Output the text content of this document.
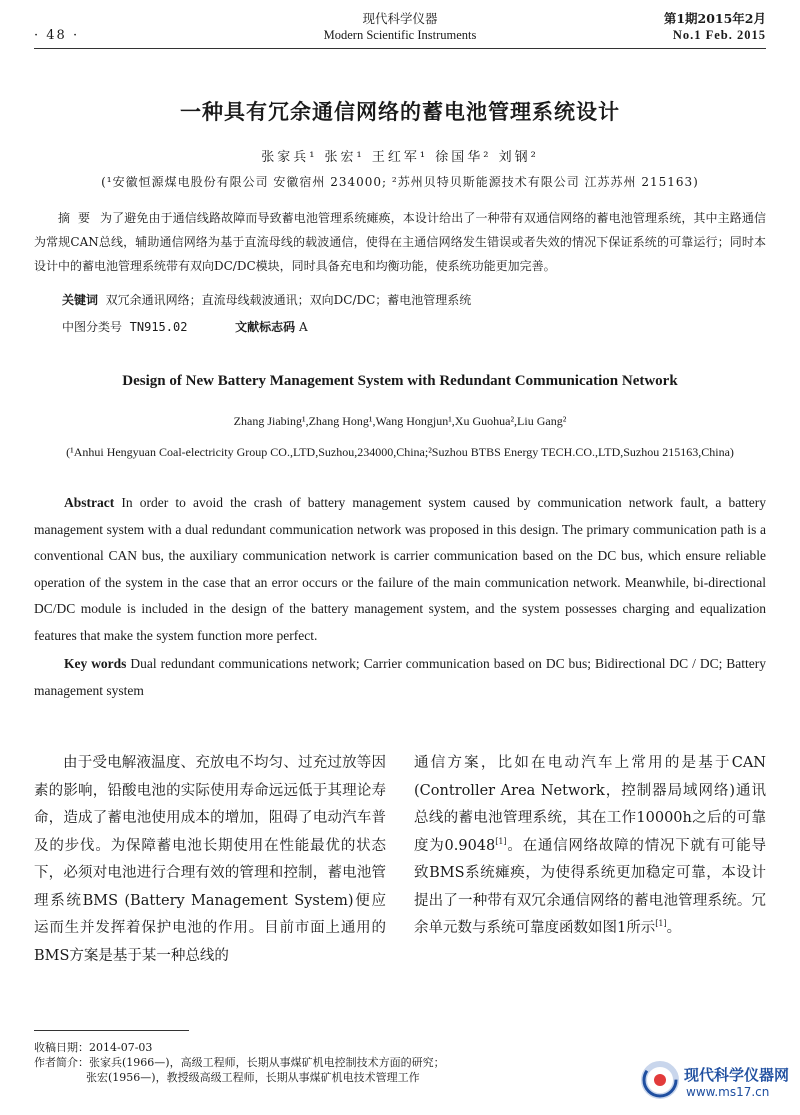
· 48 ·
现代科学仪器
Modern Scientific Instruments
第1期2015年2月
No.1 Feb. 2015
一种具有冗余通信网络的蓄电池管理系统设计
张家兵¹ 张宏¹ 王红军¹ 徐国华² 刘钢²
(¹安徽恒源煤电股份有限公司 安徽宿州 234000; ²苏州贝特贝斯能源技术有限公司 江苏苏州 215163)
摘 要 为了避免由于通信线路故障而导致蓄电池管理系统瘫痪，本设计给出了一种带有双通信网络的蓄电池管理系统，其中主路通信为常规CAN总线，辅助通信网络为基于直流母线的载波通信，使得在主通信网络发生错误或者失效的情况下保证系统的可靠运行；同时本设计中的蓄电池管理系统带有双向DC/DC模块，同时具备充电和均衡功能，使系统功能更加完善。
关键词 双冗余通讯网络；直流母线载波通讯；双向DC/DC；蓄电池管理系统
中图分类号 TN915.02	文献标志码 A
Design of New Battery Management System with Redundant Communication Network
Zhang Jiabing¹,Zhang Hong¹,Wang Hongjun¹,Xu Guohua²,Liu Gang²
(¹Anhui Hengyuan Coal-electricity Group CO.,LTD,Suzhou,234000,China;²Suzhou BTBS Energy TECH.CO.,LTD,Suzhou 215163,China)
Abstract In order to avoid the crash of battery management system caused by communication network fault, a battery management system with a dual redundant communication network was proposed in this design. The primary communication path is a conventional CAN bus, the auxiliary communication network is carrier communication based on the DC bus, which ensure reliable operation of the system in the case that an error occurs or the failure of the main communication network. Meanwhile, bi-directional DC/DC module is included in the design of the battery management system, and the system possesses charging and equalization features that make the system function more perfect.
Key words Dual redundant communications network; Carrier communication based on DC bus; Bidirectional DC / DC; Battery management system
由于受电解液温度、充放电不均匀、过充过放等因素的影响，铅酸电池的实际使用寿命远远低于其理论寿命，造成了蓄电池使用成本的增加，阻碍了电动汽车普及的步伐。为保障蓄电池长期使用在性能最优的状态下，必须对电池进行合理有效的管理和控制，蓄电池管理系统BMS (Battery Management System)便应运而生并发挥着保护电池的作用。目前市面上通用的BMS方案是基于某一种总线的
通信方案，比如在电动汽车上常用的是基于CAN (Controller Area Network，控制器局域网络)通讯总线的蓄电池管理系统，其在工作10000h之后的可靠度为0.9048[1]。在通信网络故障的情况下就有可能导致BMS系统瘫痪，为使得系统更加稳定可靠，本设计提出了一种带有双冗余通信网络的蓄电池管理系统。冗余单元数与系统可靠度函数如图1所示[1]。
收稿日期：2014-07-03
作者简介：张家兵(1966—)，高级工程师，长期从事煤矿机电控制技术方面的研究；
张宏(1956—)，教授级高级工程师，长期从事煤矿机电技术管理工作	现代科学仪器网
www.ms17.cn
